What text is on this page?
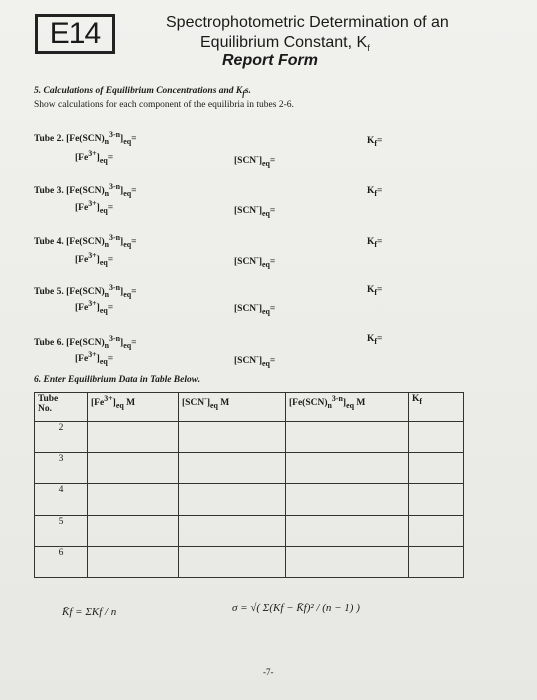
E14	Spectrophotometric Determination of an
Equilibrium Constant, $K_f$
Report Form
5. Calculations of Equilibrium Concentrations and $K_fs$.
Show calculations for each component of the equilibria in tubes 2-6.
Tube 2. $[Fe(SCN)_n^{3-n}]_{eq}=$
$[Fe^{3+}]_{eq}=$	$[SCN^-]_{eq}=$
$K_f=$
Tube 3. $[Fe(SCN)_n^{3-n}]_{eq}=$
$[Fe^{3+}]_{eq}=$	$[SCN^-]_{eq}=$
$K_f=$
Tube 4. $[Fe(SCN)_n^{3-n}]_{eq}=$
$[Fe^{3+}]_{eq}=$	$[SCN^-]_{eq}=$
$K_f=$
Tube 5. $[Fe(SCN)_n^{3-n}]_{eq}=$
$[Fe^{3+}]_{eq}=$	$[SCN^-]_{eq}=$
$K_f=$
Tube 6. $[Fe(SCN)_n^{3-n}]_{eq}=$
$[Fe^{3+}]_{eq}=$	$[SCN^-]_{eq}=$
$K_f=$
6. Enter Equilibrium Data in Table Below.
Tube
No.	$[Fe^{3+}]_{eq}$ M	$[SCN^-]_{eq}$ M	$[Fe(SCN)_n^{3-n}]_{eq}$ M	$K_f$
2				
3				
4				
5				
6				
K̄f = ΣKf / n	σ = √( Σ(Kf − K̄f)² / (n − 1) )
-7-
